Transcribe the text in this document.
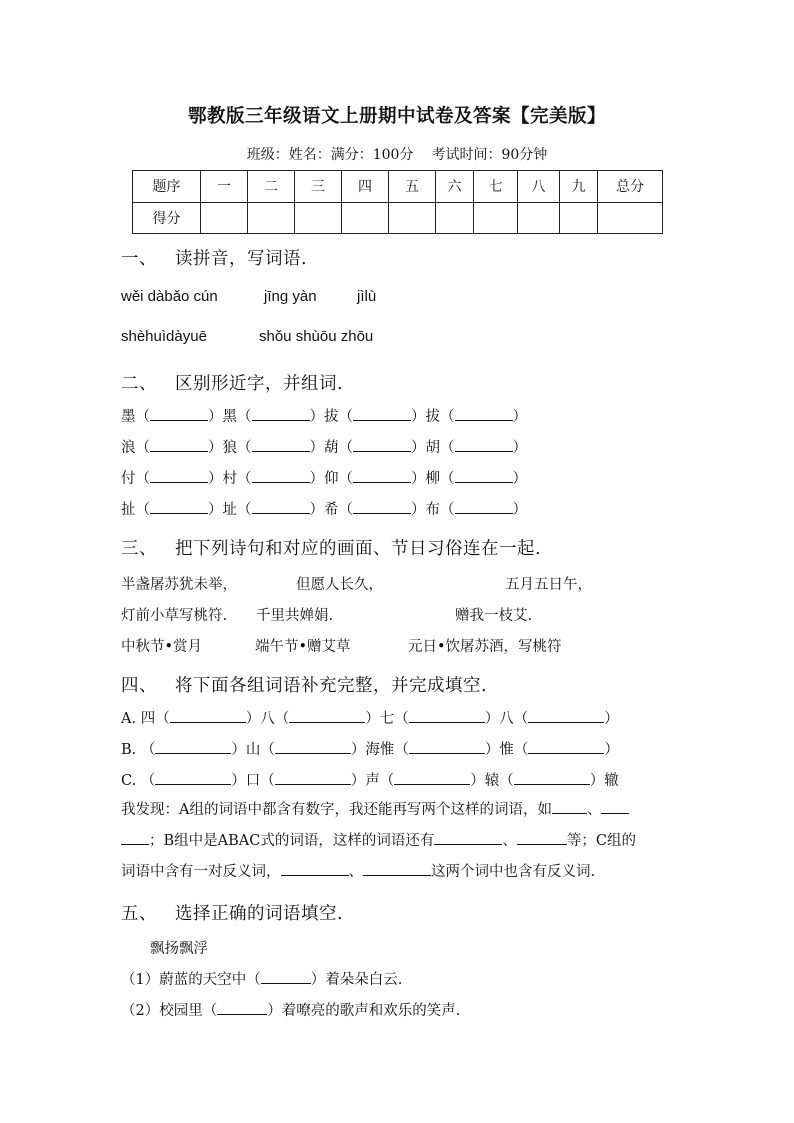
鄂教版三年级语文上册期中试卷及答案【完美版】
班级：姓名：满分：100分 考试时间：90分钟
题序	一	二	三	四	五	六	七	八	九	总分
得分										
一、 读拼音，写词语.
wěi dàbǎo cún	jīng yàn	jìlù
shèhuìdàyuē	shǒu shùōu zhōu
二、 区别形近字，并组词.
墨（	）黑（	）拔（	）拔（	）
浪（	）狼（	）葫（	）胡（	）
付（	）村（	）仰（	）柳（	）
扯（	）址（	）希（	）布（	）
三、 把下列诗句和对应的画面、节日习俗连在一起.
半盏屠苏犹未举，	但愿人长久，	五月五日午，
灯前小草写桃符. 千里共婵娟.	赠我一枝艾.
中秋节•赏月	端午节•赠艾草	元日•饮屠苏酒，写桃符
四、 将下面各组词语补充完整，并完成填空.
A. 四（	）八（	）七（	）八（	）
B. （	）山（	）海惟（	）惟（	）
C. （	）口（	）声（	）辕（	）辙
我发现：A组的词语中都含有数字，我还能再写两个这样的词语，如 、
；B组中是ABAC式的词语，这样的词语还有	、	等；C组的
词语中含有一对反义词，	、	这两个词中也含有反义词.
五、 选择正确的词语填空.
飘扬飘浮
（1）蔚蓝的天空中（	）着朵朵白云.
（2）校园里（	）着嘹亮的歌声和欢乐的笑声.
